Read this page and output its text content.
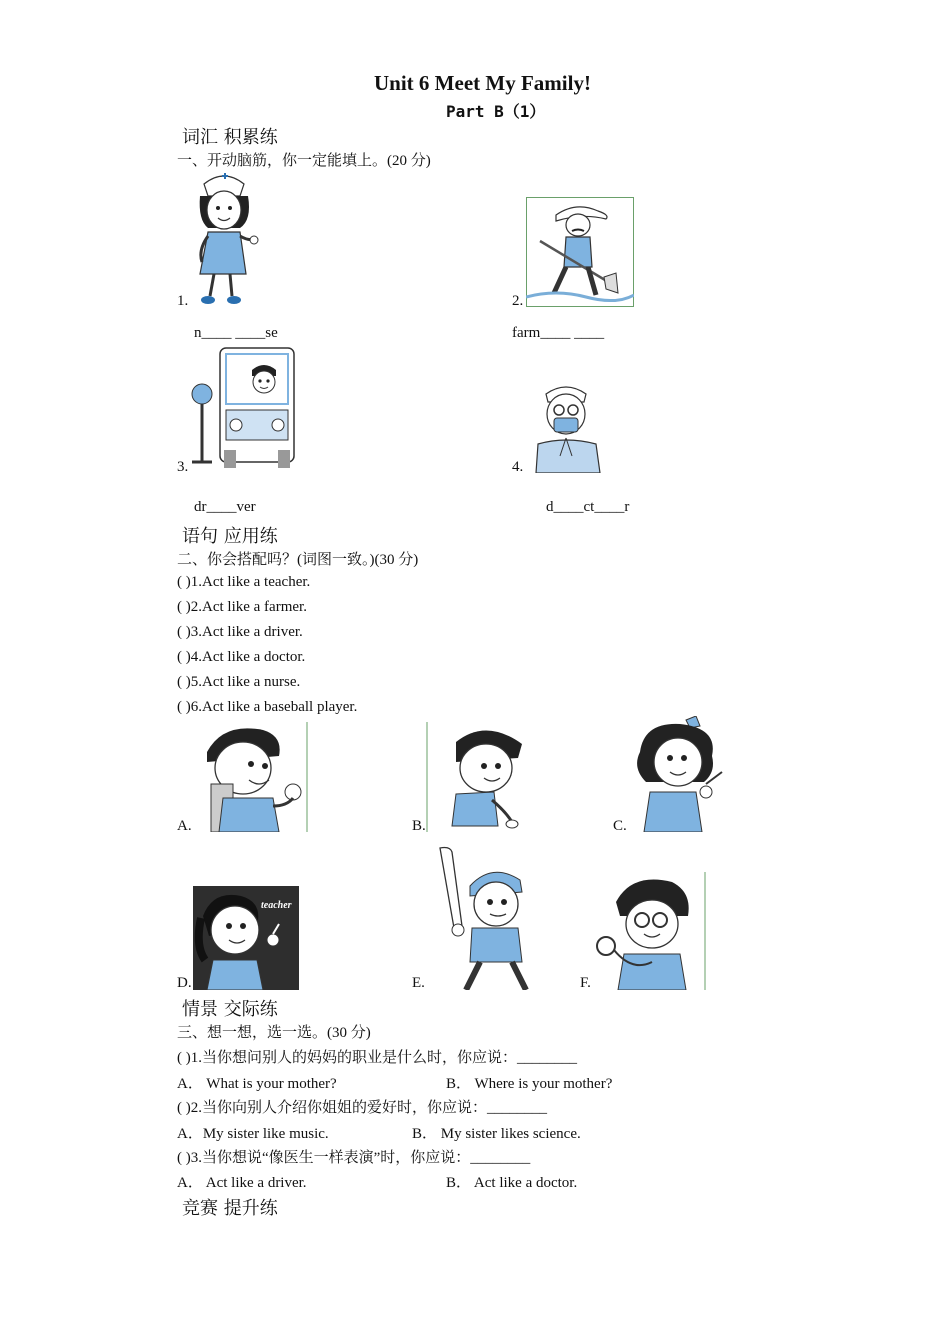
Unit 6 Meet My Family!
Part B（1）
词汇 积累练
一、开动脑筋，你一定能填上。(20 分)
1.	2.
n____ ____se	farm____ ____
3.	4.
dr____ver	d____ct____r
语句 应用练
二、你会搭配吗？(词图一致。)(30 分)
( )1.Act like a teacher.
( )2.Act like a farmer.
( )3.Act like a driver.
( )4.Act like a doctor.
( )5.Act like a nurse.
( )6.Act like a baseball player.
A.	B.	C.
teacher
D.	E.	F.
情景 交际练
三、想一想，选一选。(30 分)
( )1.当你想问别人的妈妈的职业是什么时，你应说：________
A． What is your mother?	B． Where is your mother?
( )2.当你向别人介绍你姐姐的爱好时，你应说：________
A．My sister like music.	B． My sister likes science.
( )3.当你想说“像医生一样表演”时，你应说：________
A． Act like a driver.	B． Act like a doctor.
竞赛 提升练
